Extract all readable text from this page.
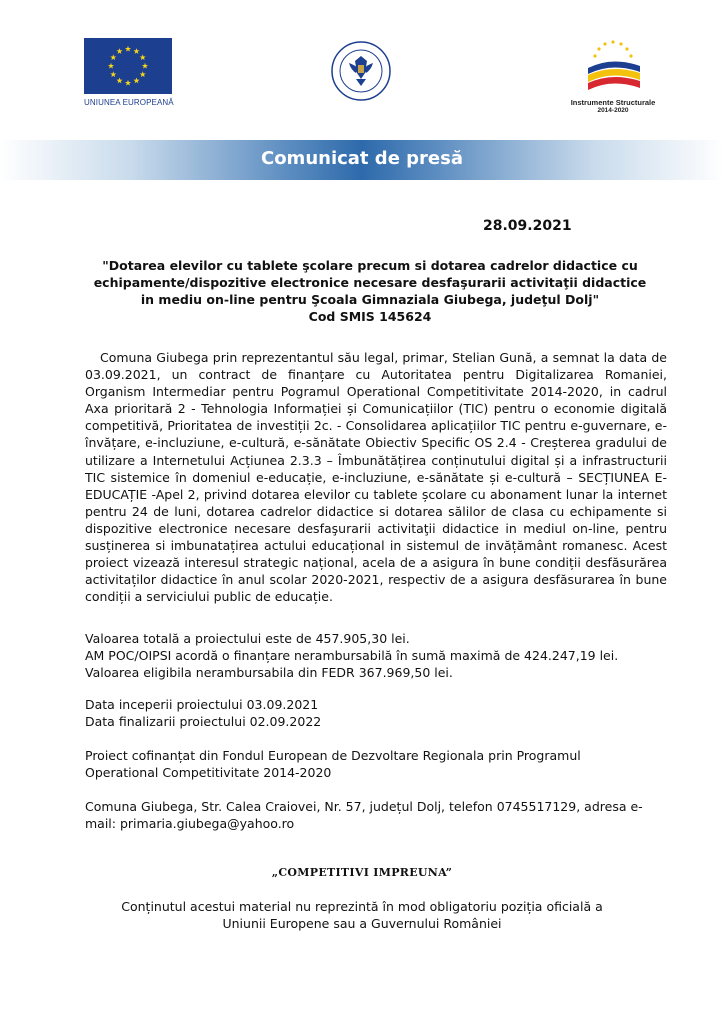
UNIUNEA EUROPEANĂ	Instrumente Structurale
2014-2020
Comunicat de presă
28.09.2021
"Dotarea elevilor cu tablete şcolare precum si dotarea cadrelor didactice cu
echipamente/dispozitive electronice necesare desfaşurarii activitaţii didactice
in mediu on-line pentru Şcoala Gimnaziala Giubega, judeţul Dolj"
Cod SMIS 145624
Comuna Giubega prin reprezentantul său legal, primar, Stelian Gună, a semnat la data de 03.09.2021, un contract de finanțare cu Autoritatea pentru Digitalizarea Romaniei, Organism Intermediar pentru Pogramul Operational Competitivitate 2014-2020, in cadrul Axa prioritară 2 - Tehnologia Informației și Comunicațiilor (TIC) pentru o economie digitală competitivă, Prioritatea de investiții 2c. - Consolidarea aplicațiilor TIC pentru e-guvernare, e-învățare, e-incluziune, e-cultură, e-sănătate Obiectiv Specific OS 2.4 - Creșterea gradului de utilizare a Internetului Acțiunea 2.3.3 – Îmbunătățirea conținutului digital și a infrastructurii TIC sistemice în domeniul e-educație, e-incluziune, e-sănătate și e-cultură – SECȚIUNEA E-EDUCAȚIE -Apel 2, privind dotarea elevilor cu tablete școlare cu abonament lunar la internet pentru 24 de luni, dotarea cadrelor didactice si dotarea sălilor de clasa cu echipamente si dispozitive electronice necesare desfaşurarii activitaţii didactice in mediul on-line, pentru susținerea si imbunatațirea actului educațional in sistemul de invățământ romanesc. Acest proiect vizează interesul strategic național, acela de a asigura în bune condiții desfăsurărea activitaților didactice în anul scolar 2020-2021, respectiv de a asigura desfăsurarea în bune condiții a serviciului public de educație.
Valoarea totală a proiectului este de 457.905,30 lei.
AM POC/OIPSI acordă o finanțare nerambursabilă în sumă maximă de 424.247,19 lei.
Valoarea eligibila nerambursabila din FEDR 367.969,50 lei.
Data inceperii proiectului 03.09.2021
Data finalizarii proiectului 02.09.2022
Proiect cofinanțat din Fondul European de Dezvoltare Regionala prin Programul Operational Competitivitate 2014-2020
Comuna Giubega, Str. Calea Craiovei, Nr. 57, județul Dolj, telefon 0745517129, adresa e-mail: primaria.giubega@yahoo.ro
„COMPETITIVI IMPREUNA”
Conținutul acestui material nu reprezintă în mod obligatoriu poziția oficială a Uniunii Europene sau a Guvernului României
